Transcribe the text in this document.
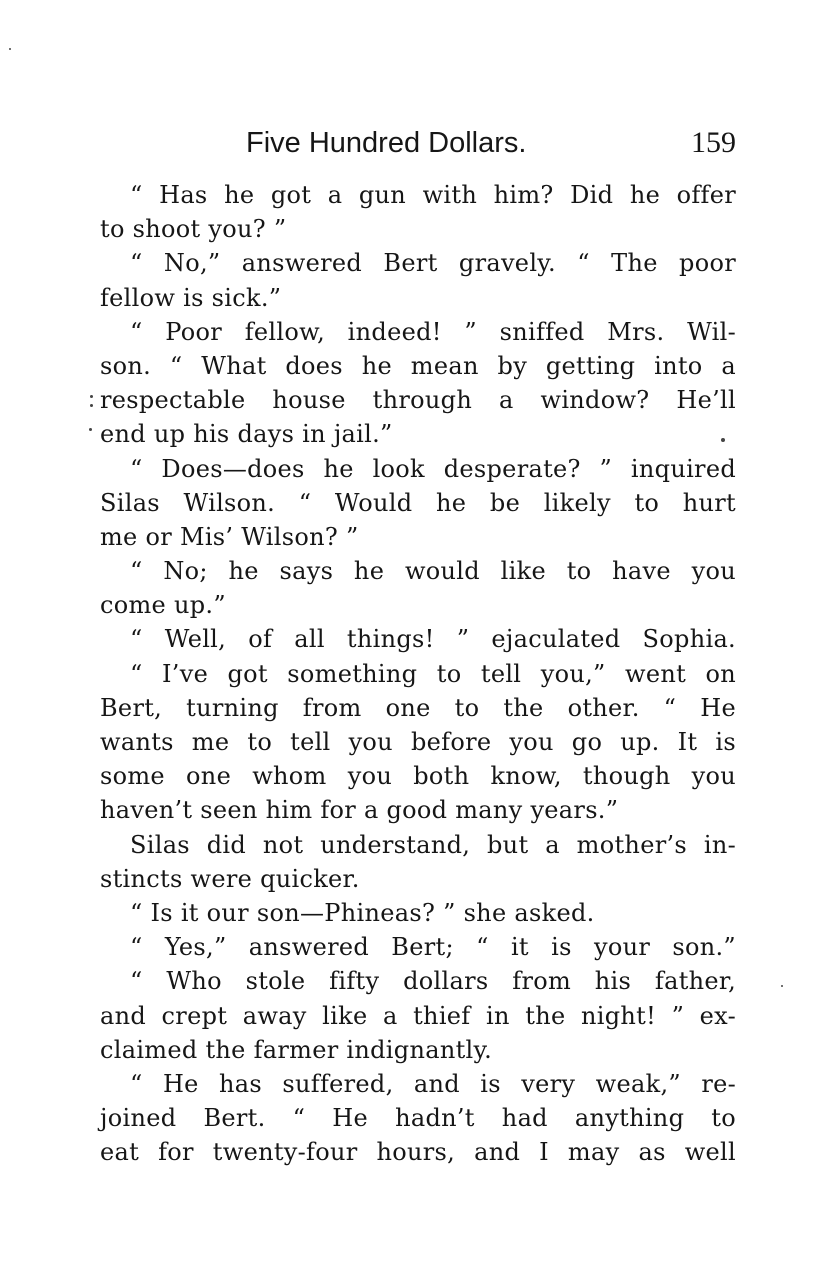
Five Hundred Dollars.	159
“ Has he got a gun with him? Did he offer
to shoot you? ”
“ No,” answered Bert gravely. “ The poor
fellow is sick.”
“ Poor fellow, indeed! ” sniffed Mrs. Wil-
son. “ What does he mean by getting into a
respectable house through a window? He’ll
end up his days in jail.”
“ Does—does he look desperate? ” inquired
Silas Wilson. “ Would he be likely to hurt
me or Mis’ Wilson? ”
“ No; he says he would like to have you
come up.”
“ Well, of all things! ” ejaculated Sophia.
“ I’ve got something to tell you,” went on
Bert, turning from one to the other. “ He
wants me to tell you before you go up. It is
some one whom you both know, though you
haven’t seen him for a good many years.”
Silas did not understand, but a mother’s in-
stincts were quicker.
“ Is it our son—Phineas? ” she asked.
“ Yes,” answered Bert; “ it is your son.”
“ Who stole fifty dollars from his father,
and crept away like a thief in the night! ” ex-
claimed the farmer indignantly.
“ He has suffered, and is very weak,” re-
joined Bert. “ He hadn’t had anything to
eat for twenty-four hours, and I may as well
